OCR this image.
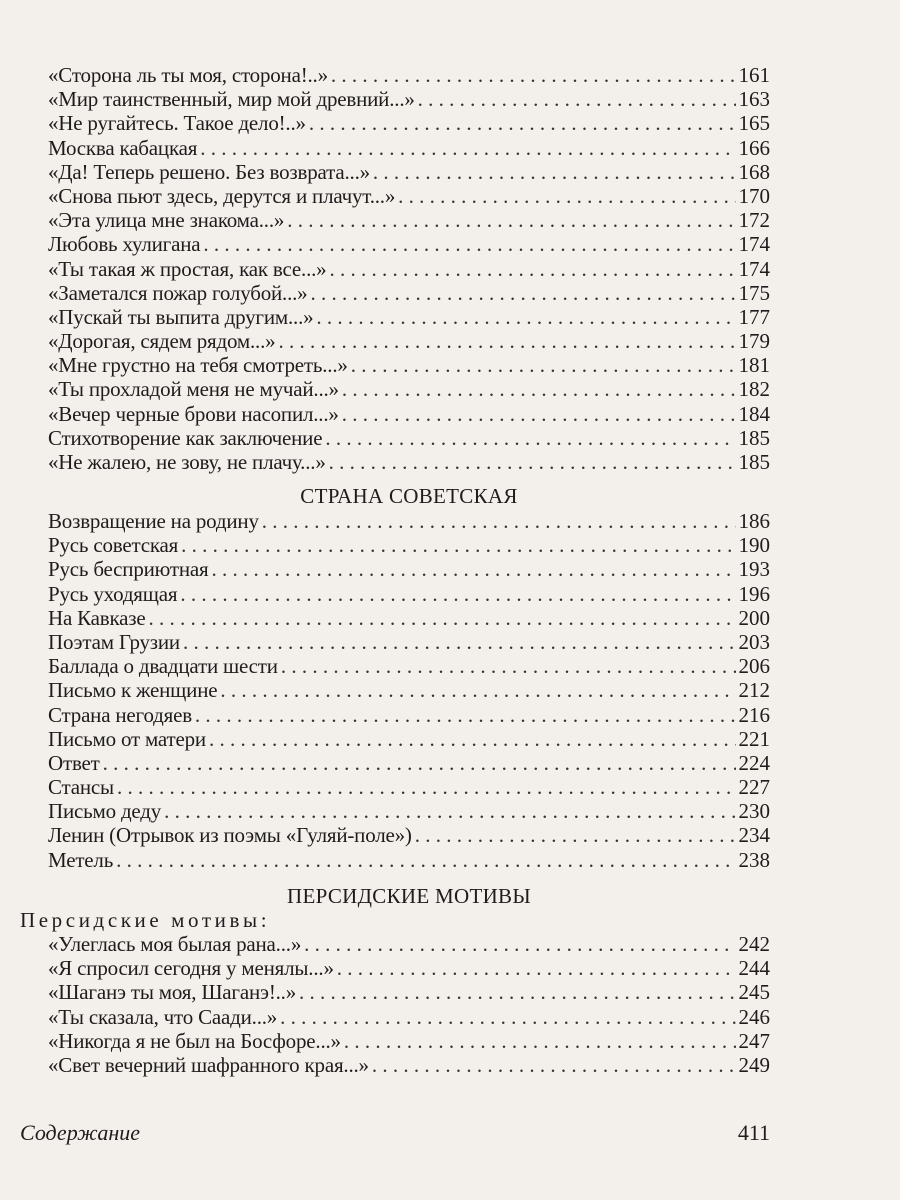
«Сторона ль ты моя, сторона!..» . . .	161
«Мир таинственный, мир мой древний...» . . .	163
«Не ругайтесь. Такое дело!..» . . .	165
Москва кабацкая . . .	166
«Да! Теперь решено. Без возврата...» . . .	168
«Снова пьют здесь, дерутся и плачут...» . . .	170
«Эта улица мне знакома...» . . .	172
Любовь хулигана . . .	174
«Ты такая ж простая, как все...» . . .	174
«Заметался пожар голубой...» . . .	175
«Пускай ты выпита другим...» . . .	177
«Дорогая, сядем рядом...» . . .	179
«Мне грустно на тебя смотреть...» . . .	181
«Ты прохладой меня не мучай...» . . .	182
«Вечер черные брови насопил...» . . .	184
Стихотворение как заключение . . .	185
«Не жалею, не зову, не плачу...» . . .	185
СТРАНА СОВЕТСКАЯ
Возвращение на родину . . .	186
Русь советская . . .	190
Русь бесприютная . . .	193
Русь уходящая . . .	196
На Кавказе . . .	200
Поэтам Грузии . . .	203
Баллада о двадцати шести . . .	206
Письмо к женщине . . .	212
Страна негодяев . . .	216
Письмо от матери . . .	221
Ответ . . .	224
Стансы . . .	227
Письмо деду . . .	230
Ленин (Отрывок из поэмы «Гуляй-поле») . . .	234
Метель . . .	238
ПЕРСИДСКИЕ МОТИВЫ
Персидские мотивы:
«Улеглась моя былая рана...» . . .	242
«Я спросил сегодня у менялы...» . . .	244
«Шаганэ ты моя, Шаганэ!..» . . .	245
«Ты сказала, что Саади...» . . .	246
«Никогда я не был на Босфоре...» . . .	247
«Свет вечерний шафранного края...» . . .	249
Содержание	411
